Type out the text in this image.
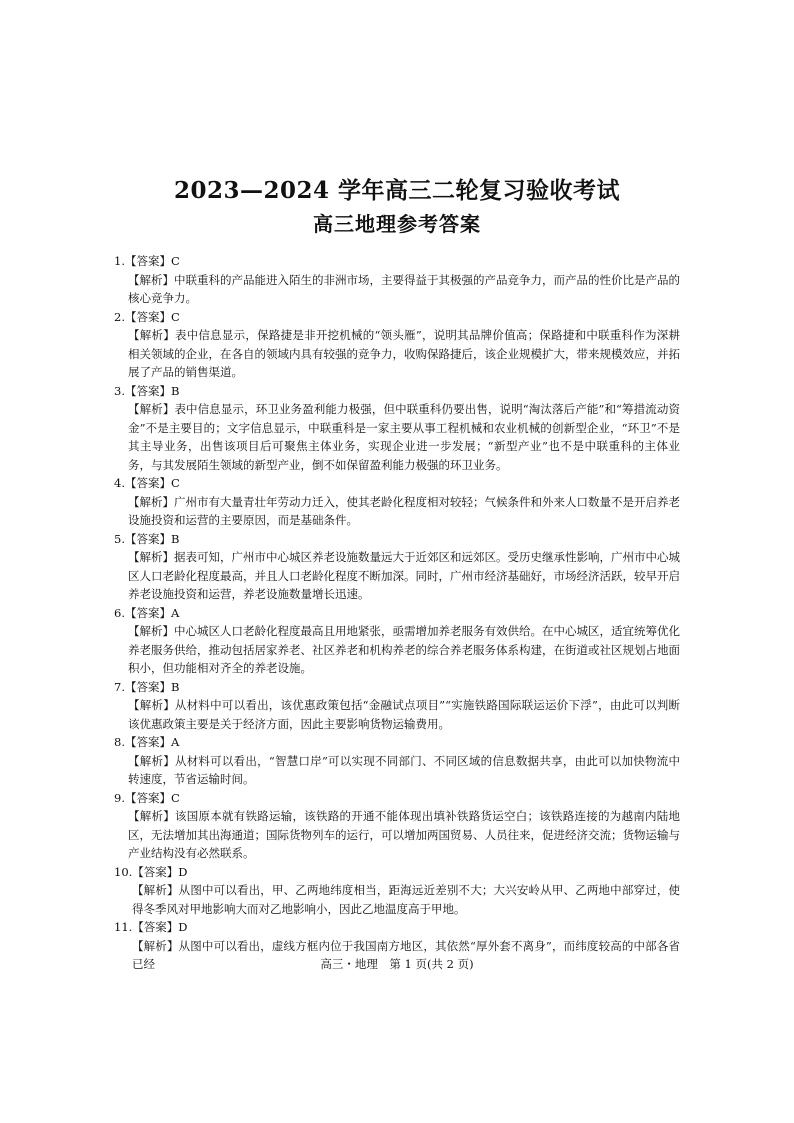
2023—2024 学年高三二轮复习验收考试
高三地理参考答案
1.【答案】C
【解析】中联重科的产品能进入陌生的非洲市场，主要得益于其极强的产品竞争力，而产品的性价比是产品的核心竞争力。
2.【答案】C
【解析】表中信息显示，保路捷是非开挖机械的“领头雁”，说明其品牌价值高；保路捷和中联重科作为深耕相关领域的企业，在各自的领域内具有较强的竞争力，收购保路捷后，该企业规模扩大，带来规模效应，并拓展了产品的销售渠道。
3.【答案】B
【解析】表中信息显示，环卫业务盈利能力极强，但中联重科仍要出售，说明“淘汰落后产能”和“筹措流动资金”不是主要目的；文字信息显示，中联重科是一家主要从事工程机械和农业机械的创新型企业，“环卫”不是其主导业务，出售该项目后可聚焦主体业务，实现企业进一步发展；“新型产业”也不是中联重科的主体业务，与其发展陌生领域的新型产业，倒不如保留盈利能力极强的环卫业务。
4.【答案】C
【解析】广州市有大量青壮年劳动力迁入，使其老龄化程度相对较轻；气候条件和外来人口数量不是开启养老设施投资和运营的主要原因，而是基础条件。
5.【答案】B
【解析】据表可知，广州市中心城区养老设施数量远大于近郊区和远郊区。受历史继承性影响，广州市中心城区人口老龄化程度最高，并且人口老龄化程度不断加深。同时，广州市经济基础好，市场经济活跃，较早开启养老设施投资和运营，养老设施数量增长迅速。
6.【答案】A
【解析】中心城区人口老龄化程度最高且用地紧张，亟需增加养老服务有效供给。在中心城区，适宜统筹优化养老服务供给，推动包括居家养老、社区养老和机构养老的综合养老服务体系构建，在街道或社区规划占地面积小，但功能相对齐全的养老设施。
7.【答案】B
【解析】从材料中可以看出，该优惠政策包括“金融试点项目”“实施铁路国际联运运价下浮”，由此可以判断该优惠政策主要是关于经济方面，因此主要影响货物运输费用。
8.【答案】A
【解析】从材料可以看出，“智慧口岸”可以实现不同部门、不同区域的信息数据共享，由此可以加快物流中转速度，节省运输时间。
9.【答案】C
【解析】该国原本就有铁路运输，该铁路的开通不能体现出填补铁路货运空白；该铁路连接的为越南内陆地区，无法增加其出海通道；国际货物列车的运行，可以增加两国贸易、人员往来，促进经济交流；货物运输与产业结构没有必然联系。
10.【答案】D
【解析】从图中可以看出，甲、乙两地纬度相当，距海远近差别不大；大兴安岭从甲、乙两地中部穿过，使得冬季风对甲地影响大而对乙地影响小，因此乙地温度高于甲地。
11.【答案】D
【解析】从图中可以看出，虚线方框内位于我国南方地区，其依然“厚外套不离身”，而纬度较高的中部各省已经	高三・地理　第 1 页(共 2 页)
